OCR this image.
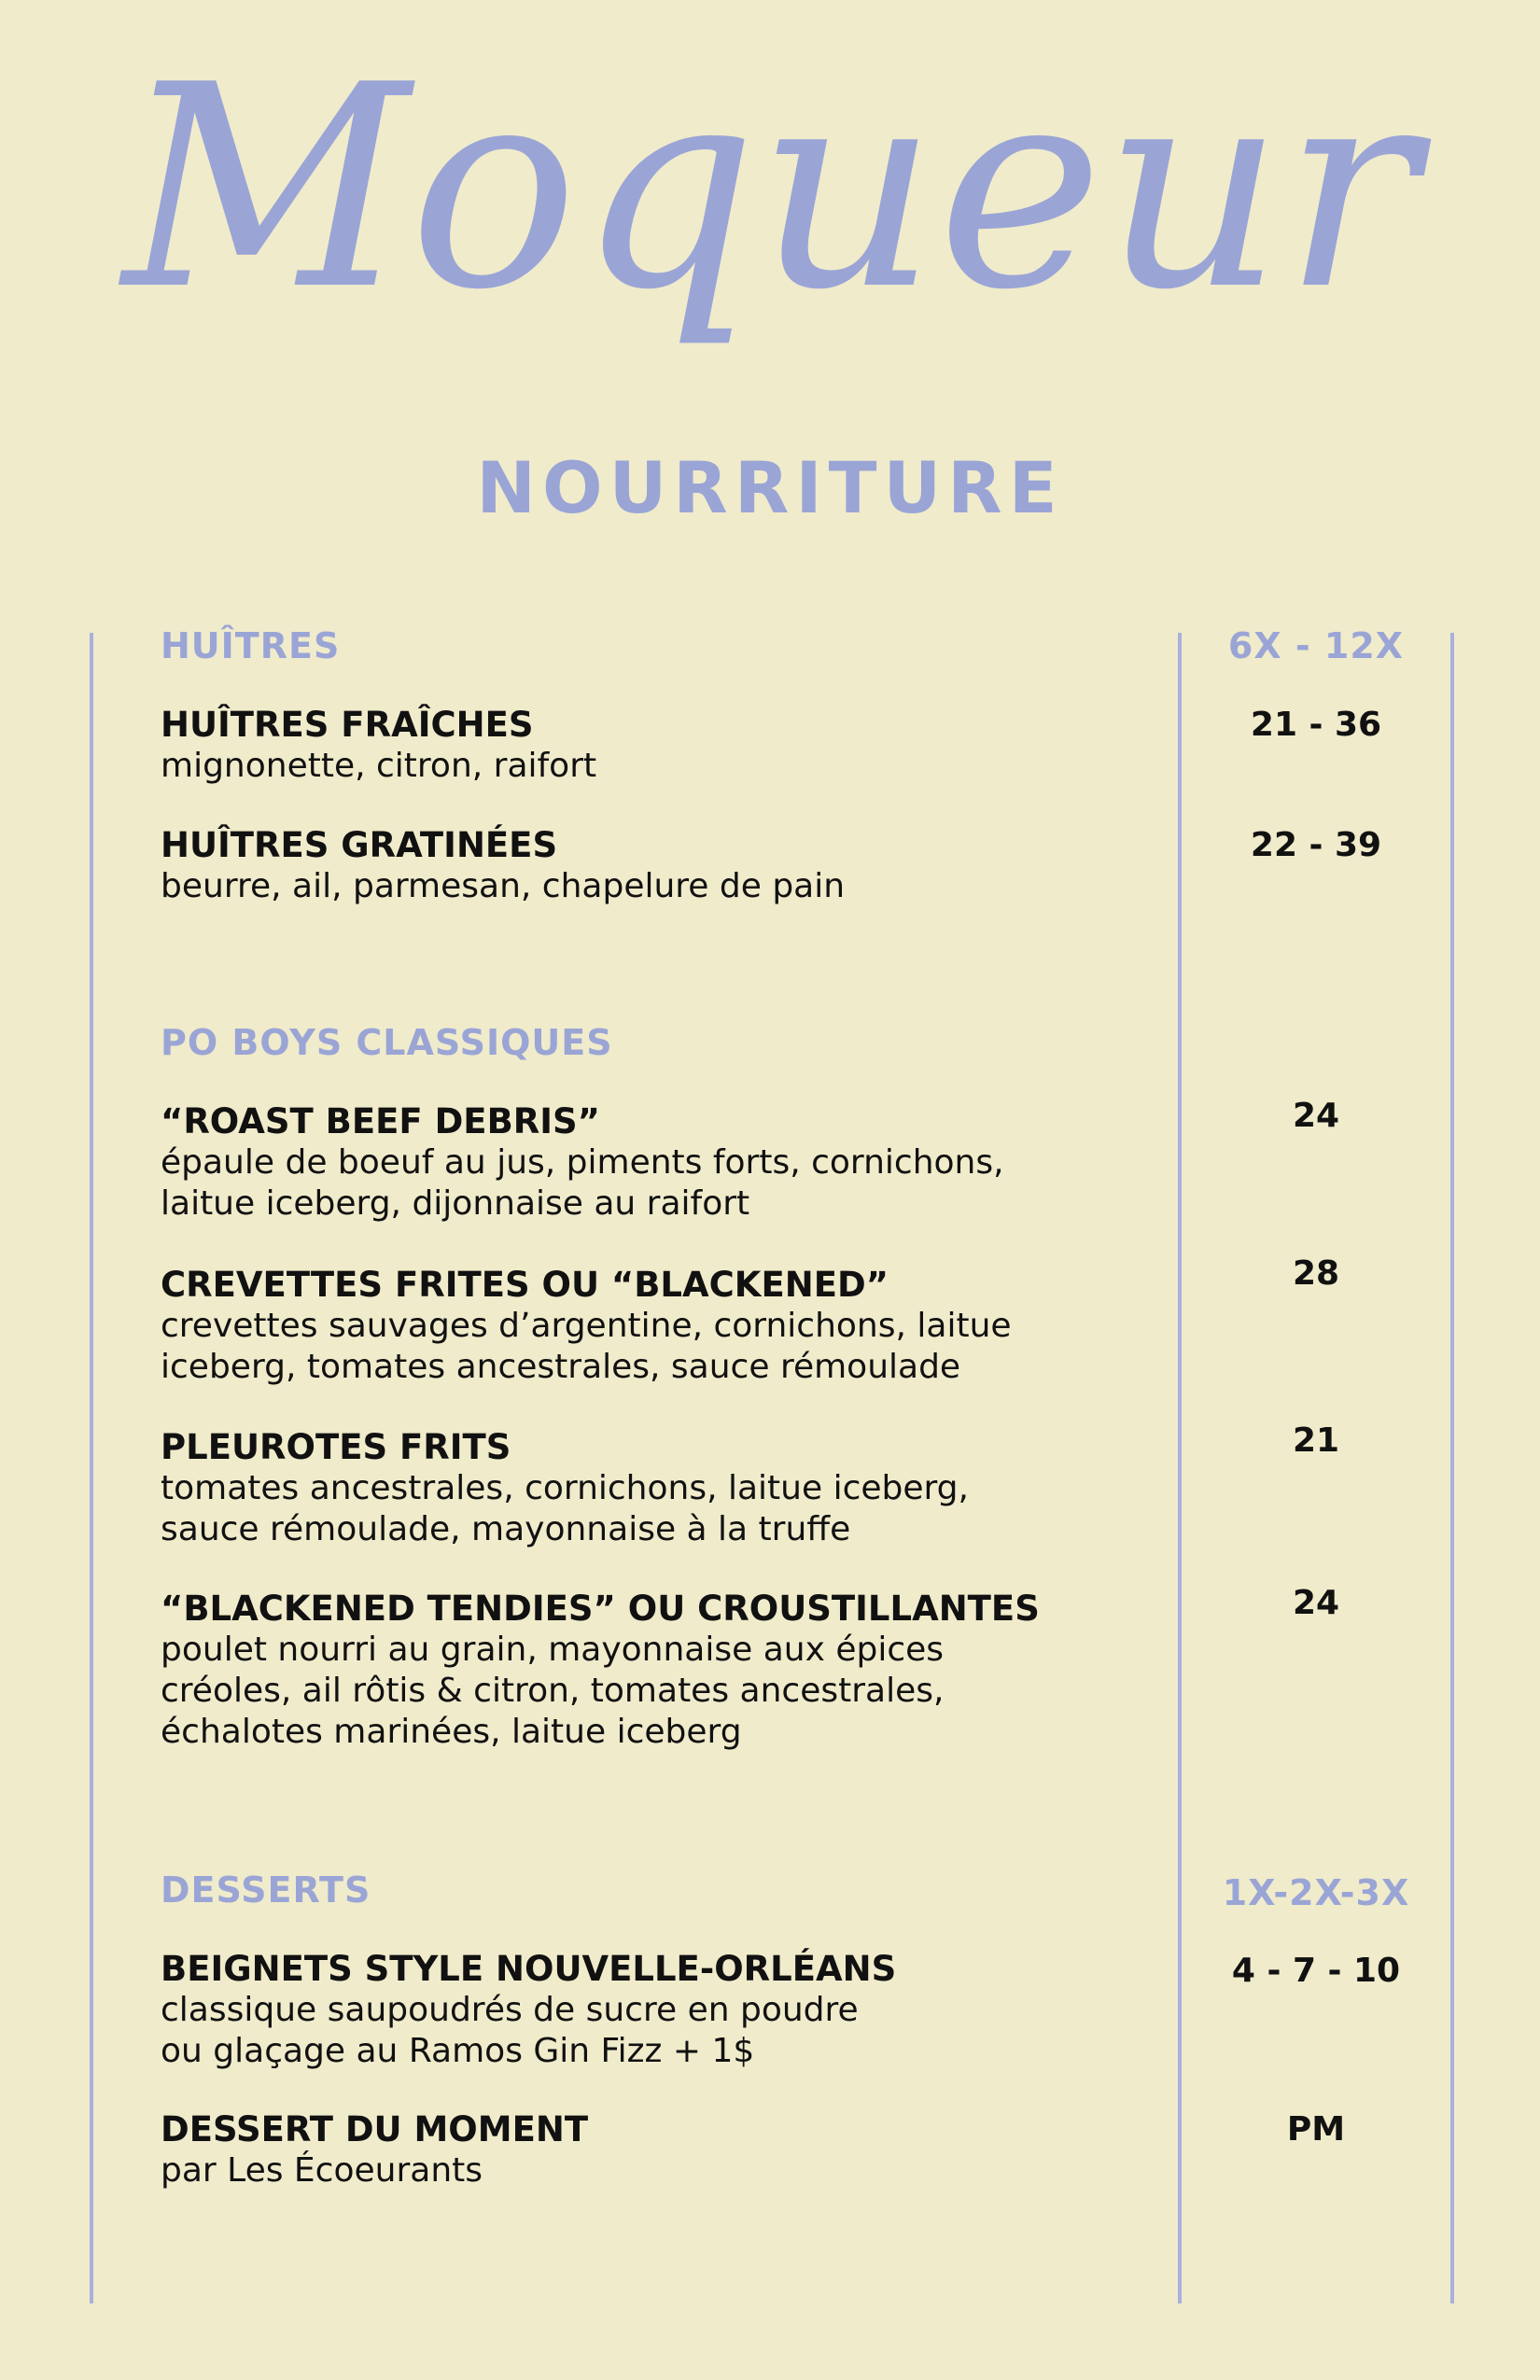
Moqueur
NOURRITURE
HUÎTRES	6X - 12X
HUÎTRES FRAÎCHES
mignonette, citron, raifort
21 - 36
HUÎTRES GRATINÉES
beurre, ail, parmesan, chapelure de pain
22 - 39
PO BOYS CLASSIQUES
“ROAST BEEF DEBRIS”
épaule de boeuf au jus, piments forts, cornichons,
laitue iceberg, dijonnaise au raifort
24
CREVETTES FRITES OU “BLACKENED”
crevettes sauvages d’argentine, cornichons, laitue
iceberg, tomates ancestrales, sauce rémoulade
28
PLEUROTES FRITS
tomates ancestrales, cornichons, laitue iceberg,
sauce rémoulade, mayonnaise à la truffe
21
“BLACKENED TENDIES” OU CROUSTILLANTES
poulet nourri au grain, mayonnaise aux épices
créoles, ail rôtis & citron, tomates ancestrales,
échalotes marinées, laitue iceberg
24
DESSERTS	1X-2X-3X
BEIGNETS STYLE NOUVELLE-ORLÉANS
classique saupoudrés de sucre en poudre
ou glaçage au Ramos Gin Fizz + 1$
4 - 7 - 10
DESSERT DU MOMENT
par Les Écoeurants
PM
